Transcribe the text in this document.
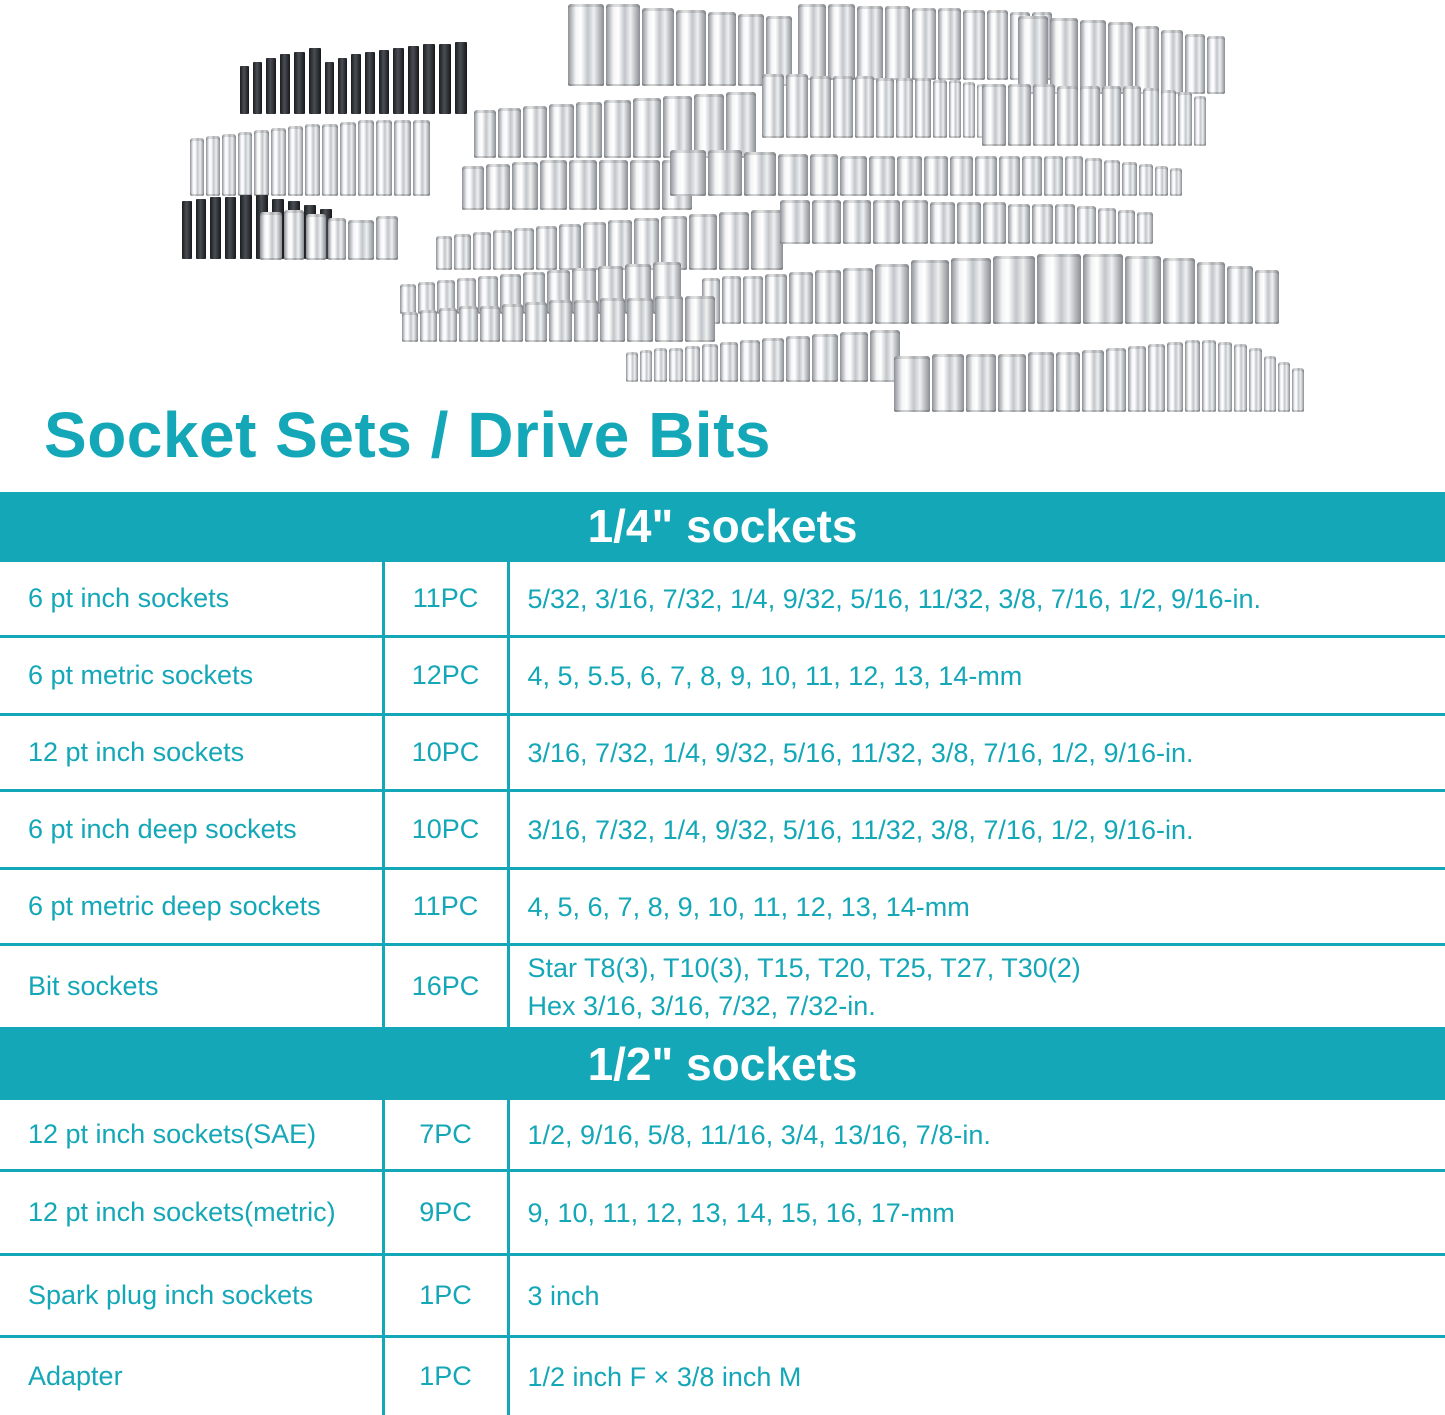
Socket Sets / Drive Bits
1/4" sockets		
6 pt inch sockets	11PC	5/32, 3/16, 7/32, 1/4, 9/32, 5/16, 11/32, 3/8, 7/16, 1/2, 9/16-in.

6 pt metric sockets	12PC	4, 5, 5.5, 6, 7, 8, 9, 10, 11, 12, 13, 14-mm

12 pt inch sockets	10PC	3/16, 7/32, 1/4, 9/32, 5/16, 11/32, 3/8, 7/16, 1/2, 9/16-in.

6 pt inch deep sockets	10PC	3/16, 7/32, 1/4, 9/32, 5/16, 11/32, 3/8, 7/16, 1/2, 9/16-in.

6 pt metric deep sockets	11PC	4, 5, 6, 7, 8, 9, 10, 11, 12, 13, 14-mm

Bit sockets	16PC	Star T8(3), T10(3), T15, T20, T25, T27, T30(2)
Hex 3/16, 3/16, 7/32, 7/32-in.

1/2" sockets		
12 pt inch sockets(SAE)	7PC	1/2, 9/16, 5/8, 11/16, 3/4, 13/16, 7/8-in.

12 pt inch sockets(metric)	9PC	9, 10, 11, 12, 13, 14, 15, 16, 17-mm

Spark plug inch sockets	1PC	3 inch

Adapter	1PC	1/2 inch F × 3/8 inch M
